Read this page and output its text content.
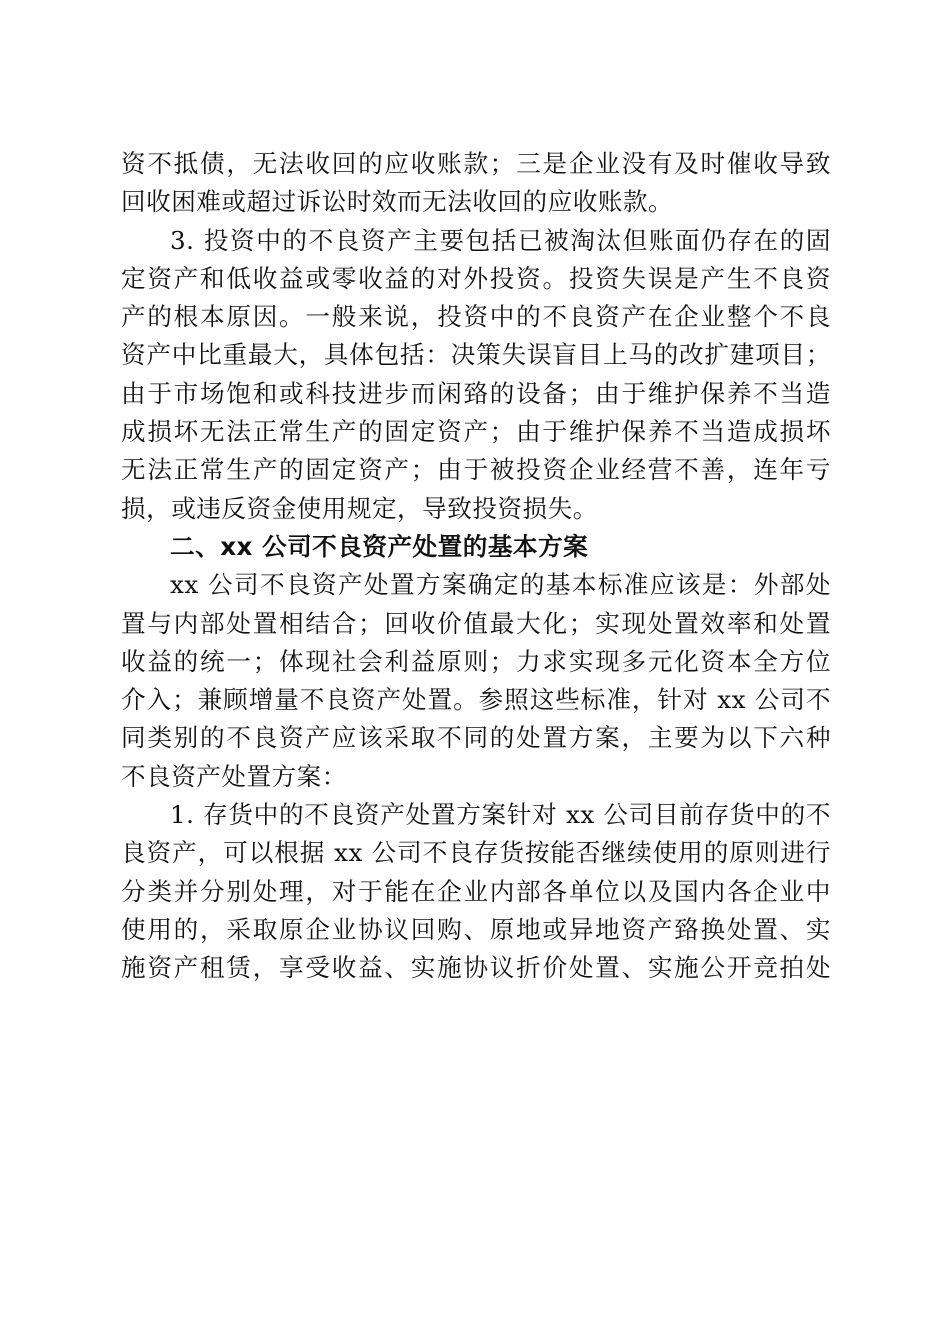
资不抵债，无法收回的应收账款；三是企业没有及时催收导致
回收困难或超过诉讼时效而无法收回的应收账款。
3. 投资中的不良资产主要包括已被淘汰但账面仍存在的固
定资产和低收益或零收益的对外投资。投资失误是产生不良资
产的根本原因。一般来说，投资中的不良资产在企业整个不良
资产中比重最大，具体包括：决策失误盲目上马的改扩建项目；
由于市场饱和或科技进步而闲臵的设备；由于维护保养不当造
成损坏无法正常生产的固定资产；由于维护保养不当造成损坏
无法正常生产的固定资产；由于被投资企业经营不善，连年亏
损，或违反资金使用规定，导致投资损失。
二、xx 公司不良资产处置的基本方案
xx 公司不良资产处置方案确定的基本标准应该是：外部处
置与内部处置相结合；回收价值最大化；实现处置效率和处置
收益的统一；体现社会利益原则；力求实现多元化资本全方位
介入；兼顾增量不良资产处置。参照这些标准，针对 xx 公司不
同类别的不良资产应该采取不同的处置方案，主要为以下六种
不良资产处置方案：
1. 存货中的不良资产处置方案针对 xx 公司目前存货中的不
良资产，可以根据 xx 公司不良存货按能否继续使用的原则进行
分类并分别处理，对于能在企业内部各单位以及国内各企业中
使用的，采取原企业协议回购、原地或异地资产臵换处置、实
施资产租赁，享受收益、实施协议折价处置、实施公开竞拍处
